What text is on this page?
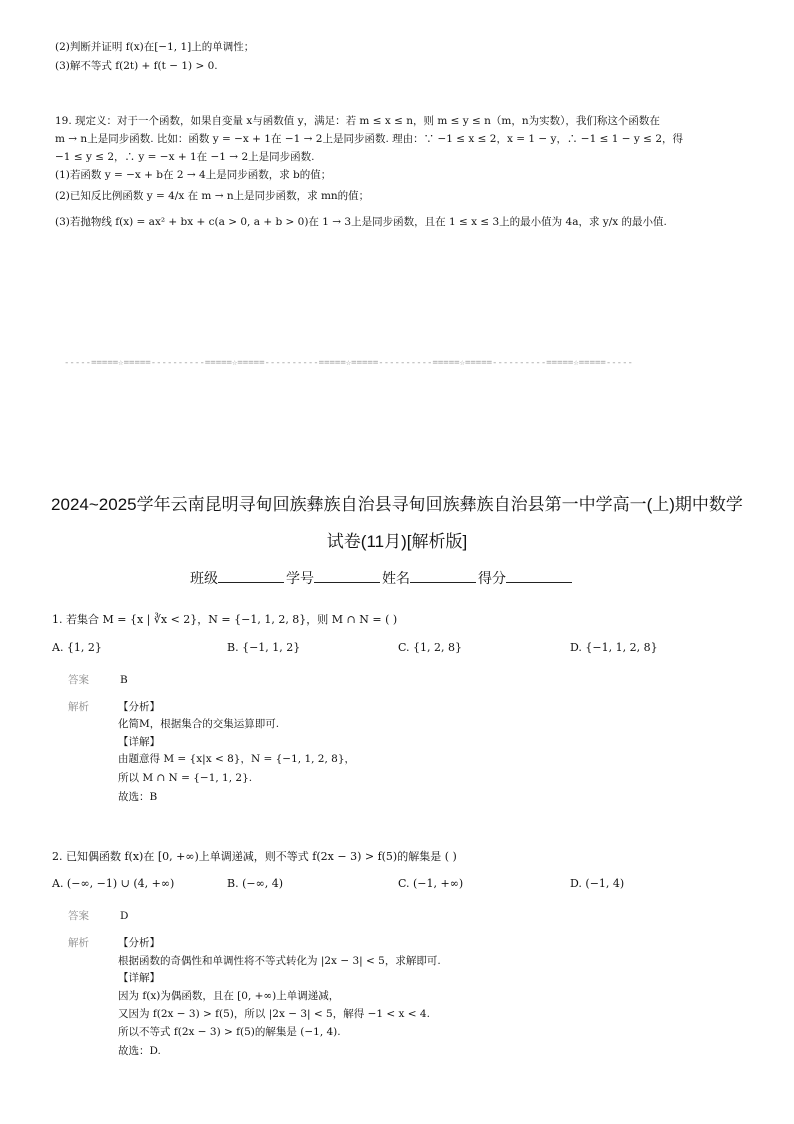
(2)判断并证明 f(x)在[−1, 1]上的单调性；
(3)解不等式 f(2t) + f(t − 1) > 0.
19. 现定义：对于一个函数，如果自变量 x与函数值 y，满足：若 m ≤ x ≤ n，则 m ≤ y ≤ n（m，n为实数），我们称这个函数在
m → n上是同步函数. 比如：函数 y = −x + 1在 −1 → 2上是同步函数. 理由：∵ −1 ≤ x ≤ 2，x = 1 − y，∴ −1 ≤ 1 − y ≤ 2，得
−1 ≤ y ≤ 2，∴ y = −x + 1在 −1 → 2上是同步函数.
(1)若函数 y = −x + b在 2 → 4上是同步函数，求 b的值；
(2)已知反比例函数 y = 4/x 在 m → n上是同步函数，求 mn的值；
(3)若抛物线 f(x) = ax² + bx + c(a > 0, a + b > 0)在 1 → 3上是同步函数，且在 1 ≤ x ≤ 3上的最小值为 4a，求 y/x 的最小值.
-----=====☆=====----------=====☆=====----------=====☆=====----------=====☆=====----------=====☆=====-----
2024~2025学年云南昆明寻甸回族彝族自治县寻甸回族彝族自治县第一中学高一(上)期中数学
试卷(11月)[解析版]
班级	学号	姓名	得分
1. 若集合 M = {x | ∛x < 2}，N = {−1, 1, 2, 8}，则 M ∩ N = ( )
A. {1, 2}	B. {−1, 1, 2}	C. {1, 2, 8}	D. {−1, 1, 2, 8}
答案	B
解析	【分析】
化简M，根据集合的交集运算即可.
【详解】
由题意得 M = {x|x < 8}，N = {−1, 1, 2, 8}，
所以 M ∩ N = {−1, 1, 2}.
故选：B
2. 已知偶函数 f(x)在 [0, +∞)上单调递减，则不等式 f(2x − 3) > f(5)的解集是 ( )
A. (−∞, −1) ∪ (4, +∞)	B. (−∞, 4)	C. (−1, +∞)	D. (−1, 4)
答案	D
解析	【分析】
根据函数的奇偶性和单调性将不等式转化为 |2x − 3| < 5，求解即可.
【详解】
因为 f(x)为偶函数，且在 [0, +∞)上单调递减，
又因为 f(2x − 3) > f(5)，所以 |2x − 3| < 5，解得 −1 < x < 4.
所以不等式 f(2x − 3) > f(5)的解集是 (−1, 4).
故选：D.
